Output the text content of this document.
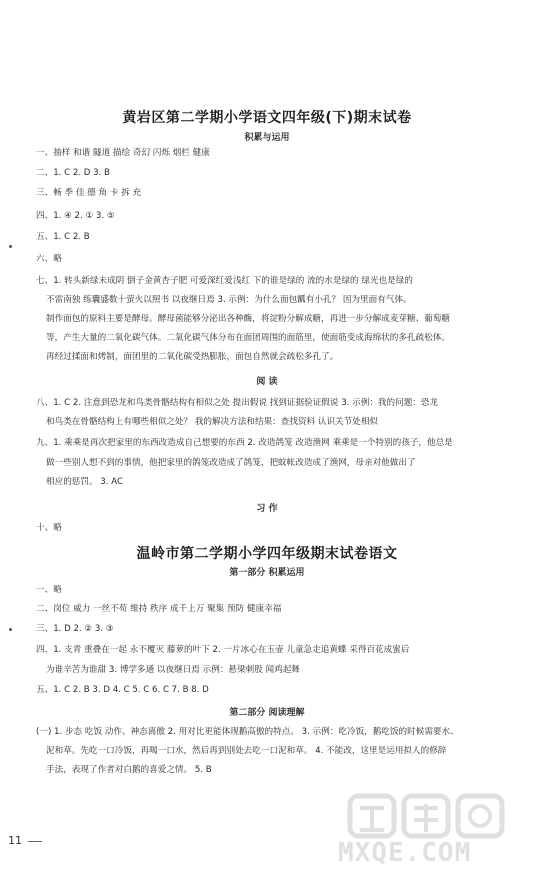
黄岩区第二学期小学语文四年级(下)期末试卷
积累与运用
一、抽样 和谐 隧道 描绘 奇幻 闪烁 烟栏 健康
二、1. C 2. D 3. B
三、畅 季 佳 德 角 卡 拆 充
四、1. ④ 2. ① 3. ⑤
五、1. C 2. B
六、略
七、1. 转头新绿未成阴 倒子金黄杏子肥 可爱深红爱浅红 下的谁是绿的 流的水是绿的 绿光也是绿的
不雷南独 练囊盛数十萤火以照书 以夜继日焉 3. 示例：为什么面包瓤有小孔？ 因为里面有气体。
制作面包的原料主要是酵母。酵母菌能够分泌出各种酶，将淀粉分解成糖，再进一步分解成麦芽糖、葡萄糖
等，产生大量的二氧化碳气体。二氧化碳气体分布在面团周围的面筋里，使面筋变成海绵状的多孔疏松体。
再经过揉面和烤制，面团里的二氧化碳受热膨胀，面包自然就会疏松多孔了。
阅 读
八、1. C 2. 注意到恐龙和鸟类骨骼结构有相似之处 提出假说 找到证据验证假说 3. 示例：我的问题：恐龙
和鸟类在骨骼结构上有哪些相似之处？ 我的解决方法和结果：查找资料 认识关节处相似
九、1. 乘乘是再次把家里的东西改造成自己想要的东西 2. 改造鸽笼 改造渔网 乘乘是一个特别的孩子，他总是
做一些别人想不到的事情，他把家里的鸽笼改造成了鸽笼，把蚊帐改造成了渔网，母亲对他做出了
相应的惩罚。 3. AC
习 作
十、略
温岭市第二学期小学四年级期末试卷语文
第一部分 积累运用
一、略
二、岗位 威力 一丝不苟 维持 秩序 成千上万 聚集 预防 健康幸福
三、1. D 2. ② 3. ③
四、1. 支青 重叠在一起 永不覆灭 藤萝的叶下 2. 一片冰心在玉壶 儿童急走追黄蝶 采得百花成蜜后
为谁辛苦为谁甜 3. 博学多通 以夜继日焉 示例：悬梁刺股 闻鸡起舞
五、1. C 2. B 3. D 4. C 5. C 6. C 7. B 8. D
第二部分 阅读理解
(一) 1. 步态 吃饭 动作、神态离傲 2. 用对比更能体现鹅高傲的特点。 3. 示例：吃冷饭，鹅吃饭的时候需要水、
泥和草。先吃一口冷饭，再喝一口水，然后再到别处去吃一口泥和草。 4. 不能改，这里是运用拟人的修辞
手法，表现了作者对白鹅的喜爱之情。 5. B
11	MXQE.COM
